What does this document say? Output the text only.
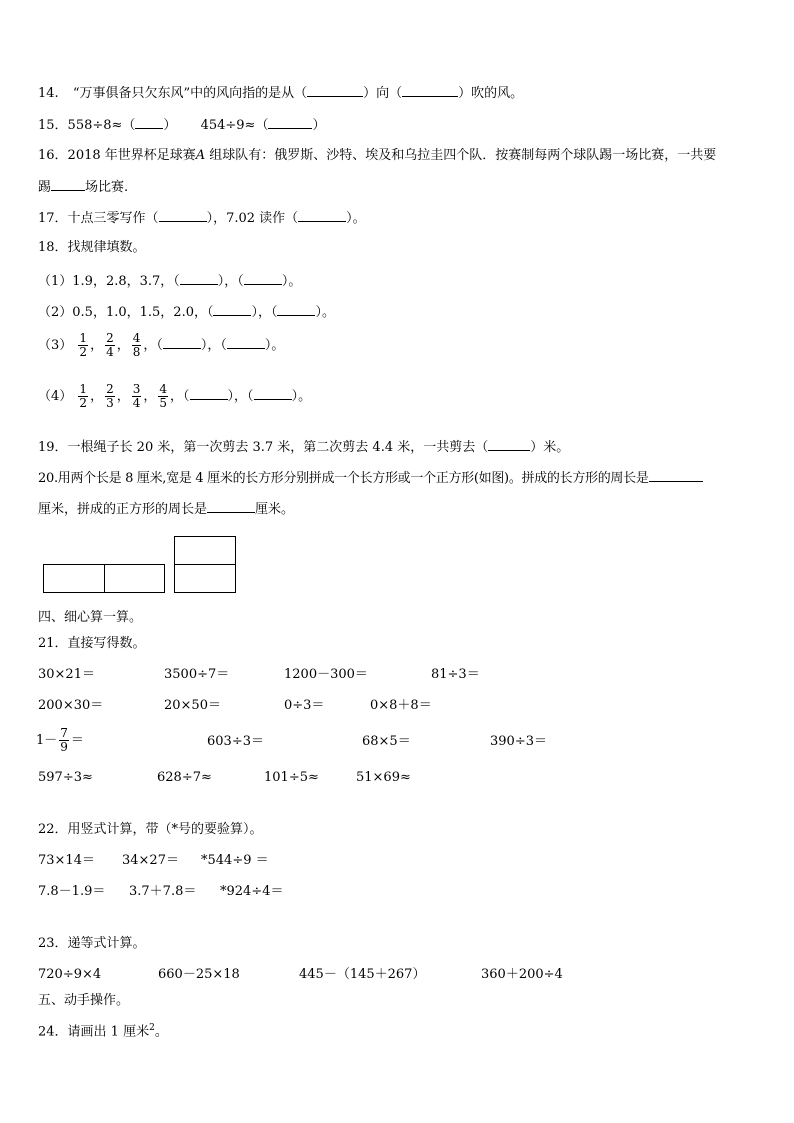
14. “万事俱备只欠东风”中的风向指的是从（	）向（	）吹的风。
15．558÷8≈（ ） 454÷9≈（	）
16．2018 年世界杯足球赛A 组球队有：俄罗斯、沙特、埃及和乌拉圭四个队．按赛制每两个球队踢一场比赛，一共要
踢	场比赛.
17．十点三零写作（	），7.02 读作（	）。
18．找规律填数。
（1）1.9，2.8，3.7，（	），（	）。
（2）0.5，1.0，1.5，2.0，（	），（	）。
$(3) \frac{1}{2}$ ， $\frac{2}{4}$ ， $\frac{4}{8}$ ，（	），（	）。
$(4) \frac{1}{2}$ ， $\frac{2}{3}$ ， $\frac{3}{4}$ ， $\frac{4}{5}$ ，（	），（	）。
19．一根绳子长 20 米，第一次剪去 3.7 米，第二次剪去 4.4 米，一共剪去（	）米。
20.用两个长是 8 厘米,宽是 4 厘米的长方形分别拼成一个长方形或一个正方形(如图)。拼成的长方形的周长是
厘米，拼成的正方形的周长是	厘米。
四、细心算一算。
21．直接写得数。
30×21＝	3500÷7＝	1200－300＝	81÷3＝
200×30＝	20×50＝	0÷3＝	0×8＋8＝
$1- \frac{7}{9}$ ＝	603÷3＝	68×5＝	390÷3＝
597÷3≈	628÷7≈	101÷5≈	51×69≈
22．用竖式计算，带（*号的要验算）。
73×14＝ 34×27＝ *544÷9 ＝
7.8－1.9＝ 3.7＋7.8＝ *924÷4＝
23．递等式计算。
720÷9×4	660－25×18	445－（145＋267）	360＋200÷4
五、动手操作。
24．请画出 1 厘米$^2$。
